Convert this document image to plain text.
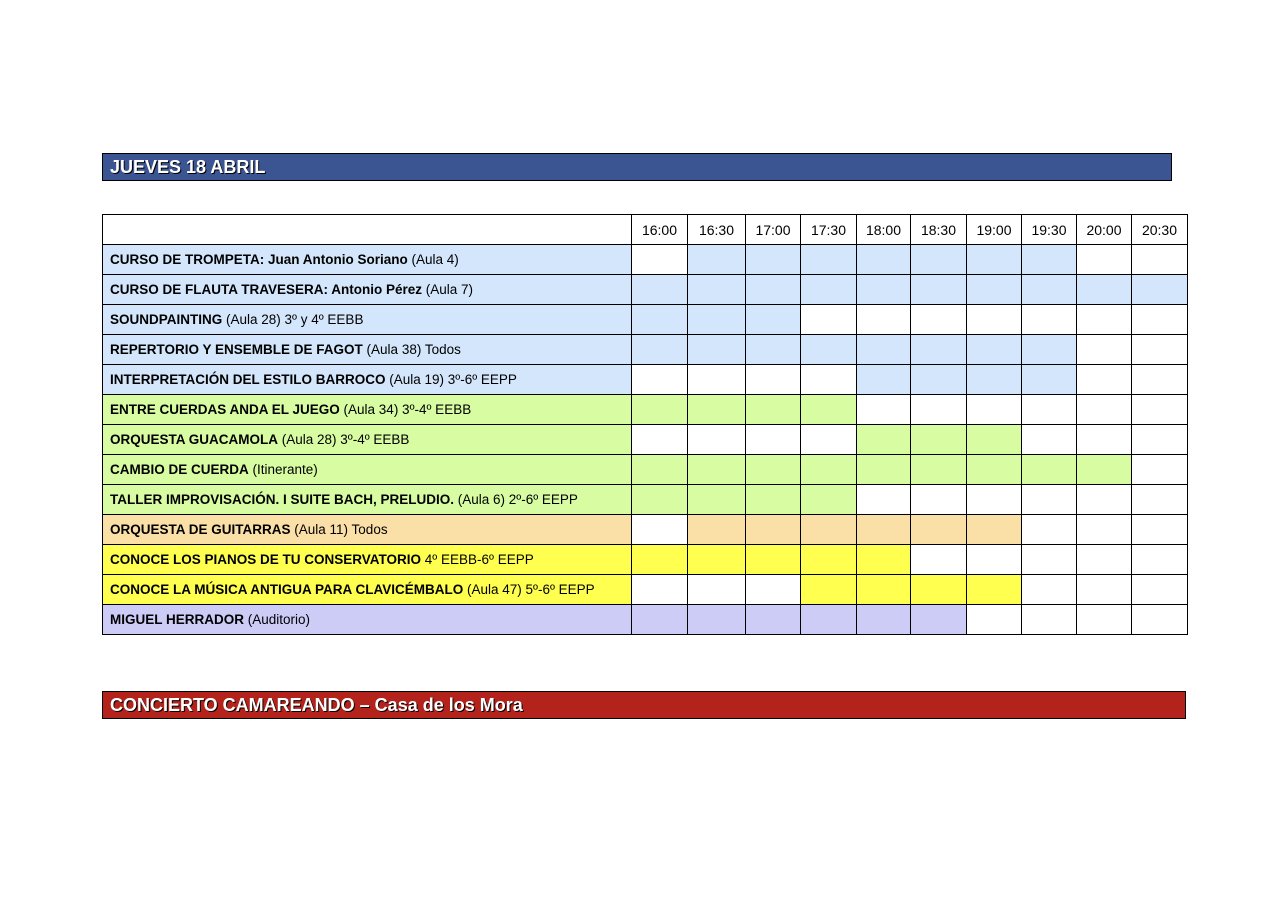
JUEVES 18 ABRIL
	16:00	16:30	17:00	17:30	18:00	18:30	19:00	19:30	20:00	20:30
CURSO DE TROMPETA: Juan Antonio Soriano (Aula 4)										
CURSO DE FLAUTA TRAVESERA: Antonio Pérez (Aula 7)										
SOUNDPAINTING (Aula 28) 3º y 4º EEBB										
REPERTORIO Y ENSEMBLE DE FAGOT (Aula 38) Todos										
INTERPRETACIÓN DEL ESTILO BARROCO (Aula 19) 3º-6º EEPP										
ENTRE CUERDAS ANDA EL JUEGO (Aula 34) 3º-4º EEBB										
ORQUESTA GUACAMOLA (Aula 28) 3º-4º EEBB										
CAMBIO DE CUERDA (Itinerante)										
TALLER IMPROVISACIÓN. I SUITE BACH, PRELUDIO. (Aula 6) 2º-6º EEPP										
ORQUESTA DE GUITARRAS (Aula 11) Todos										
CONOCE LOS PIANOS DE TU CONSERVATORIO 4º EEBB-6º EEPP										
CONOCE LA MÚSICA ANTIGUA PARA CLAVICÉMBALO (Aula 47) 5º-6º EEPP										
MIGUEL HERRADOR (Auditorio)										
CONCIERTO CAMAREANDO – Casa de los Mora
